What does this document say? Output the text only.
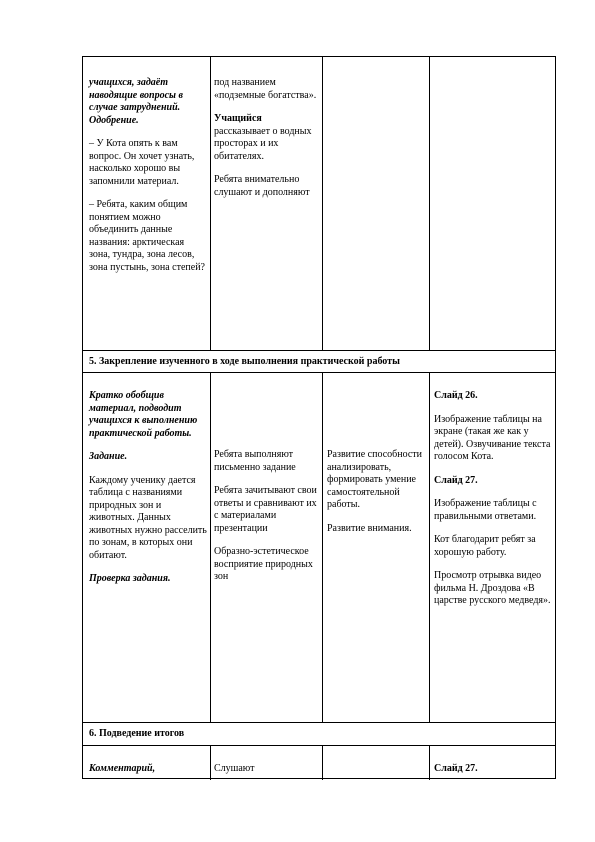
учащихся, задаёт наводящие вопросы в случае затруднений. Одобрение.

– У Кота опять к вам вопрос. Он хочет узнать, насколько хорошо вы запомнили материал.

– Ребята, каким общим понятием можно объединить данные названия: арктическая зона, тундра, зона лесов, зона пустынь, зона степей?

под названием «подземные богатства».

Учащийся рассказывает о водных просторах и их обитателях.

Ребята внимательно слушают и дополняют

5. Закрепление изученного в ходе выполнения практической работы

Кратко обобщив материал, подводит учащихся к выполнению практической работы.

Задание.

Каждому ученику дается таблица с названиями природных зон и животных. Данных животных нужно расселить по зонам, в которых они обитают.

Проверка задания.

Ребята выполняют письменно задание

Ребята зачитывают свои ответы и сравнивают их с материалами презентации

Образно-эстетическое восприятие природных зон

Развитие способности анализировать, формировать умение самостоятельной работы.

Развитие внимания.

Слайд 26.

Изображение таблицы на экране (такая же как у детей). Озвучивание текста голосом Кота.

Слайд 27.

Изображение таблицы с правильными ответами.

Кот благодарит ребят за хорошую работу.

Просмотр отрывка видео фильма Н. Дроздова «В царстве русского медведя».

6. Подведение итогов
Комментарий,	Слушают	Слайд 27.
